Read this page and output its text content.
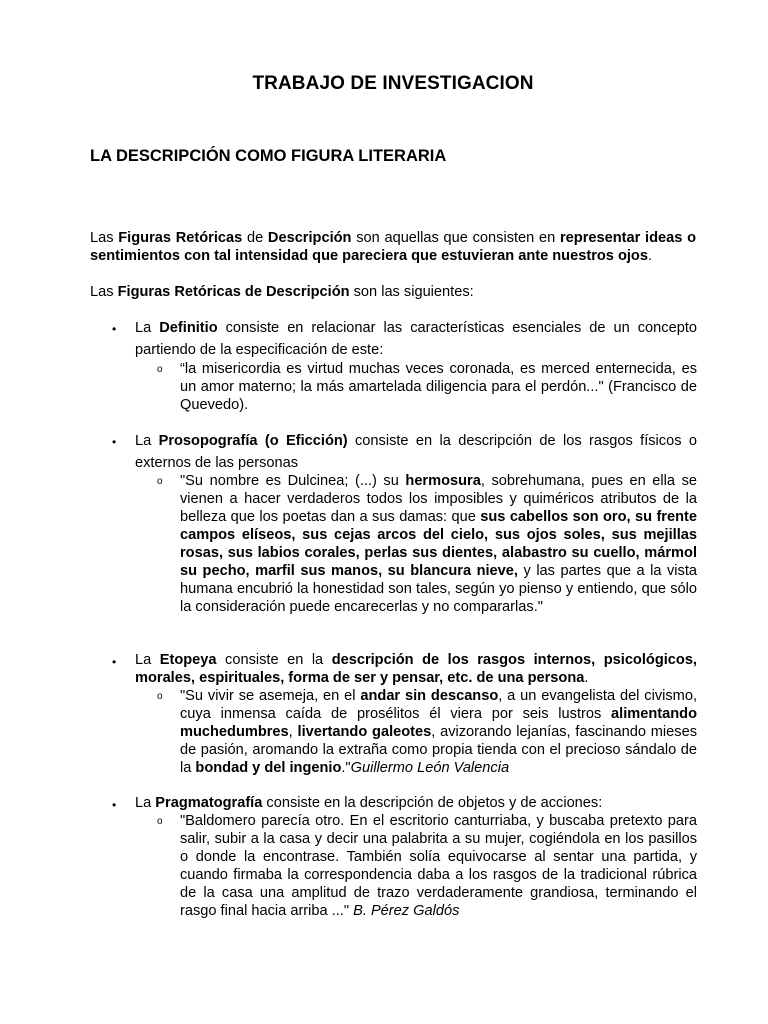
TRABAJO DE INVESTIGACION
LA DESCRIPCIÓN COMO FIGURA LITERARIA
Las Figuras Retóricas de Descripción son aquellas que consisten en representar ideas o sentimientos con tal intensidad que pareciera que estuvieran ante nuestros ojos.
Las Figuras Retóricas de Descripción son las siguientes:
• La Definitio consiste en relacionar las características esenciales de un concepto partiendo de la especificación de este:
o “la misericordia es virtud muchas veces coronada, es merced enternecida, es un amor materno; la más amartelada diligencia para el perdón..." (Francisco de Quevedo).
• La Prosopografía (o Eficción) consiste en la descripción de los rasgos físicos o externos de las personas
o "Su nombre es Dulcinea; (...) su hermosura, sobrehumana, pues en ella se vienen a hacer verdaderos todos los imposibles y quiméricos atributos de la belleza que los poetas dan a sus damas: que sus cabellos son oro, su frente campos elíseos, sus cejas arcos del cielo, sus ojos soles, sus mejillas rosas, sus labios corales, perlas sus dientes, alabastro su cuello, mármol su pecho, marfil sus manos, su blancura nieve, y las partes que a la vista humana encubrió la honestidad son tales, según yo pienso y entiendo, que sólo la consideración puede encarecerlas y no compararlas."
• La Etopeya consiste en la descripción de los rasgos internos, psicológicos, morales, espirituales, forma de ser y pensar, etc. de una persona.
o "Su vivir se asemeja, en el andar sin descanso, a un evangelista del civismo, cuya inmensa caída de prosélitos él viera por seis lustros alimentando muchedumbres, livertando galeotes, avizorando lejanías, fascinando mieses de pasión, aromando la extraña como propia tienda con el precioso sándalo de la bondad y del ingenio."Guillermo León Valencia
• La Pragmatografía consiste en la descripción de objetos y de acciones:
o "Baldomero parecía otro. En el escritorio canturriaba, y buscaba pretexto para salir, subir a la casa y decir una palabrita a su mujer, cogiéndola en los pasillos o donde la encontrase. También solía equivocarse al sentar una partida, y cuando firmaba la correspondencia daba a los rasgos de la tradicional rúbrica de la casa una amplitud de trazo verdaderamente grandiosa, terminando el rasgo final hacia arriba ..." B. Pérez Galdós
